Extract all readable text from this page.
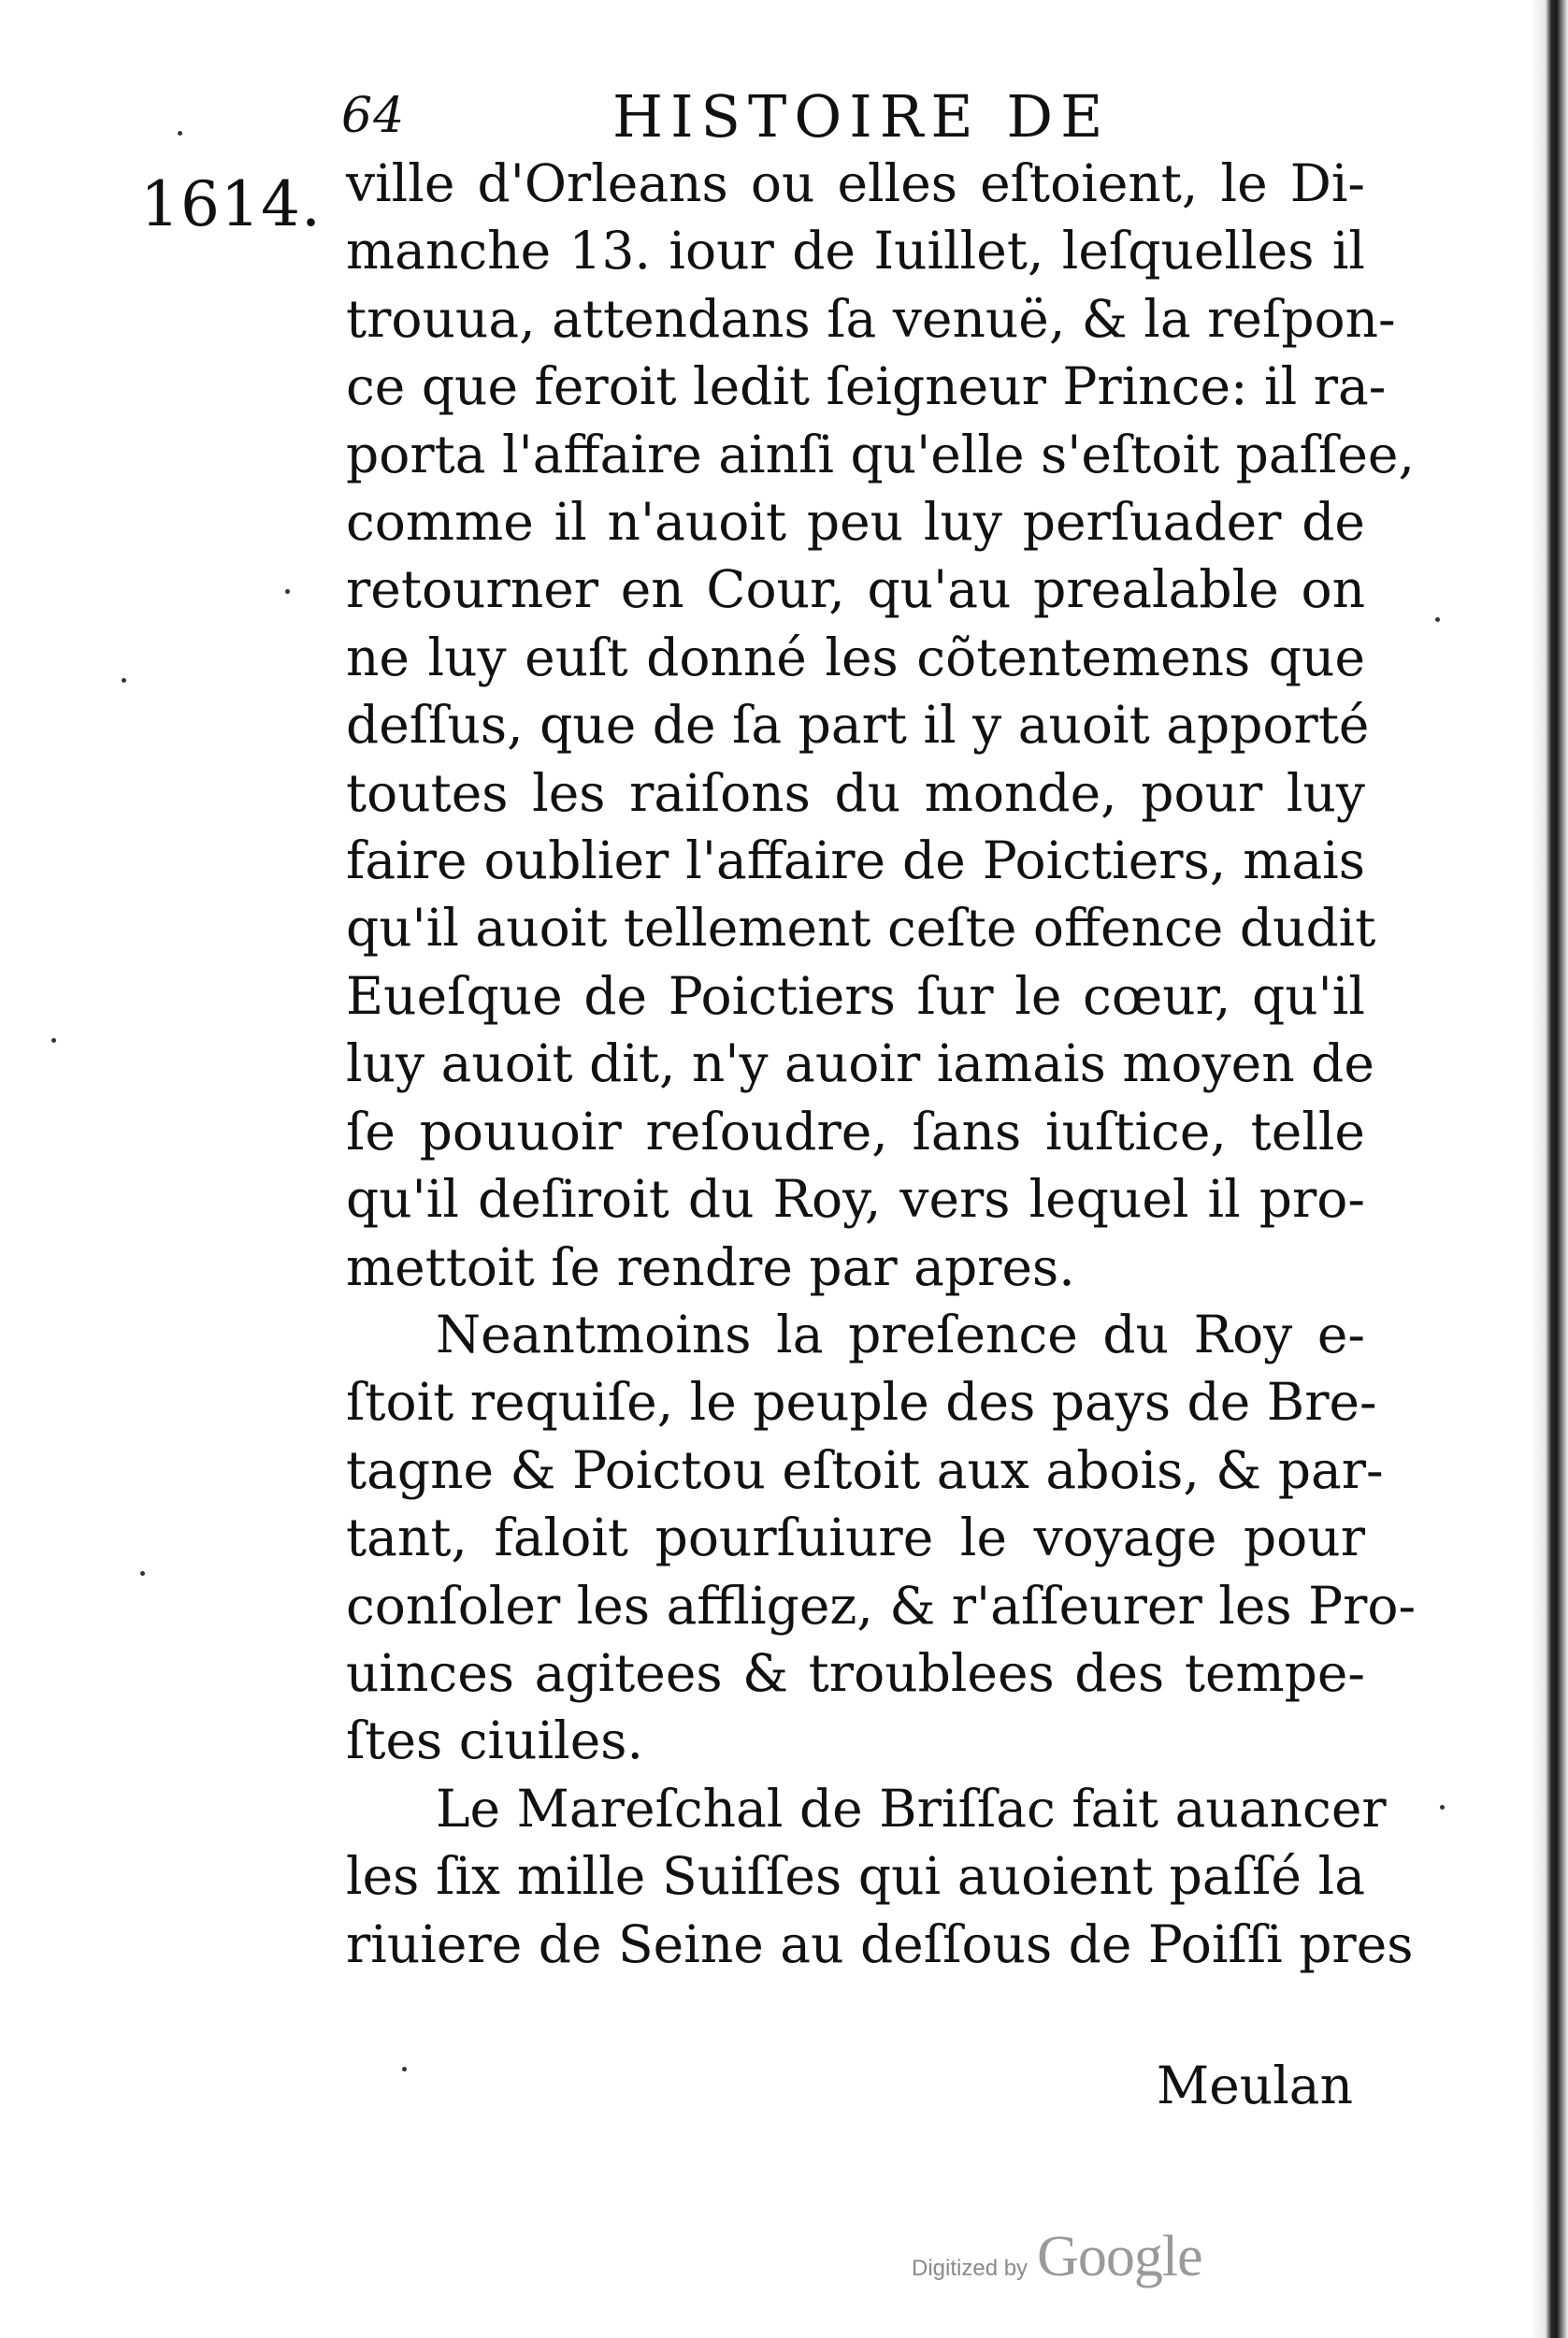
64	HISTOIRE DE
1614. ville d'Orleans ou elles eſtoient, le Di-
manche 13. iour de Iuillet, leſquelles il
trouua, attendans ſa venuë, & la reſpon-
ce que feroit ledit ſeigneur Prince: il ra-
porta l'affaire ainſi qu'elle s'eſtoit paſſee,
comme il n'auoit peu luy perſuader de
retourner en Cour, qu'au prealable on
ne luy euſt donné les cõtentemens que
deſſus, que de ſa part il y auoit apporté
toutes les raiſons du monde, pour luy
faire oublier l'affaire de Poictiers, mais
qu'il auoit tellement ceſte offence dudit
Eueſque de Poictiers ſur le cœur, qu'il
luy auoit dit, n'y auoir iamais moyen de
ſe pouuoir reſoudre, ſans iuſtice, telle
qu'il deſiroit du Roy, vers lequel il pro-
mettoit ſe rendre par apres.
Neantmoins la preſence du Roy e-
ſtoit requiſe, le peuple des pays de Bre-
tagne & Poictou eſtoit aux abois, & par-
tant, faloit pourſuiure le voyage pour
conſoler les affligez, & r'aſſeurer les Pro-
uinces agitees & troublees des tempe-
ſtes ciuiles.
Le Mareſchal de Briſſac fait auancer
les ſix mille Suiſſes qui auoient paſſé la
riuiere de Seine au deſſous de Poiſſi pres
Meulan
Digitized by Google
